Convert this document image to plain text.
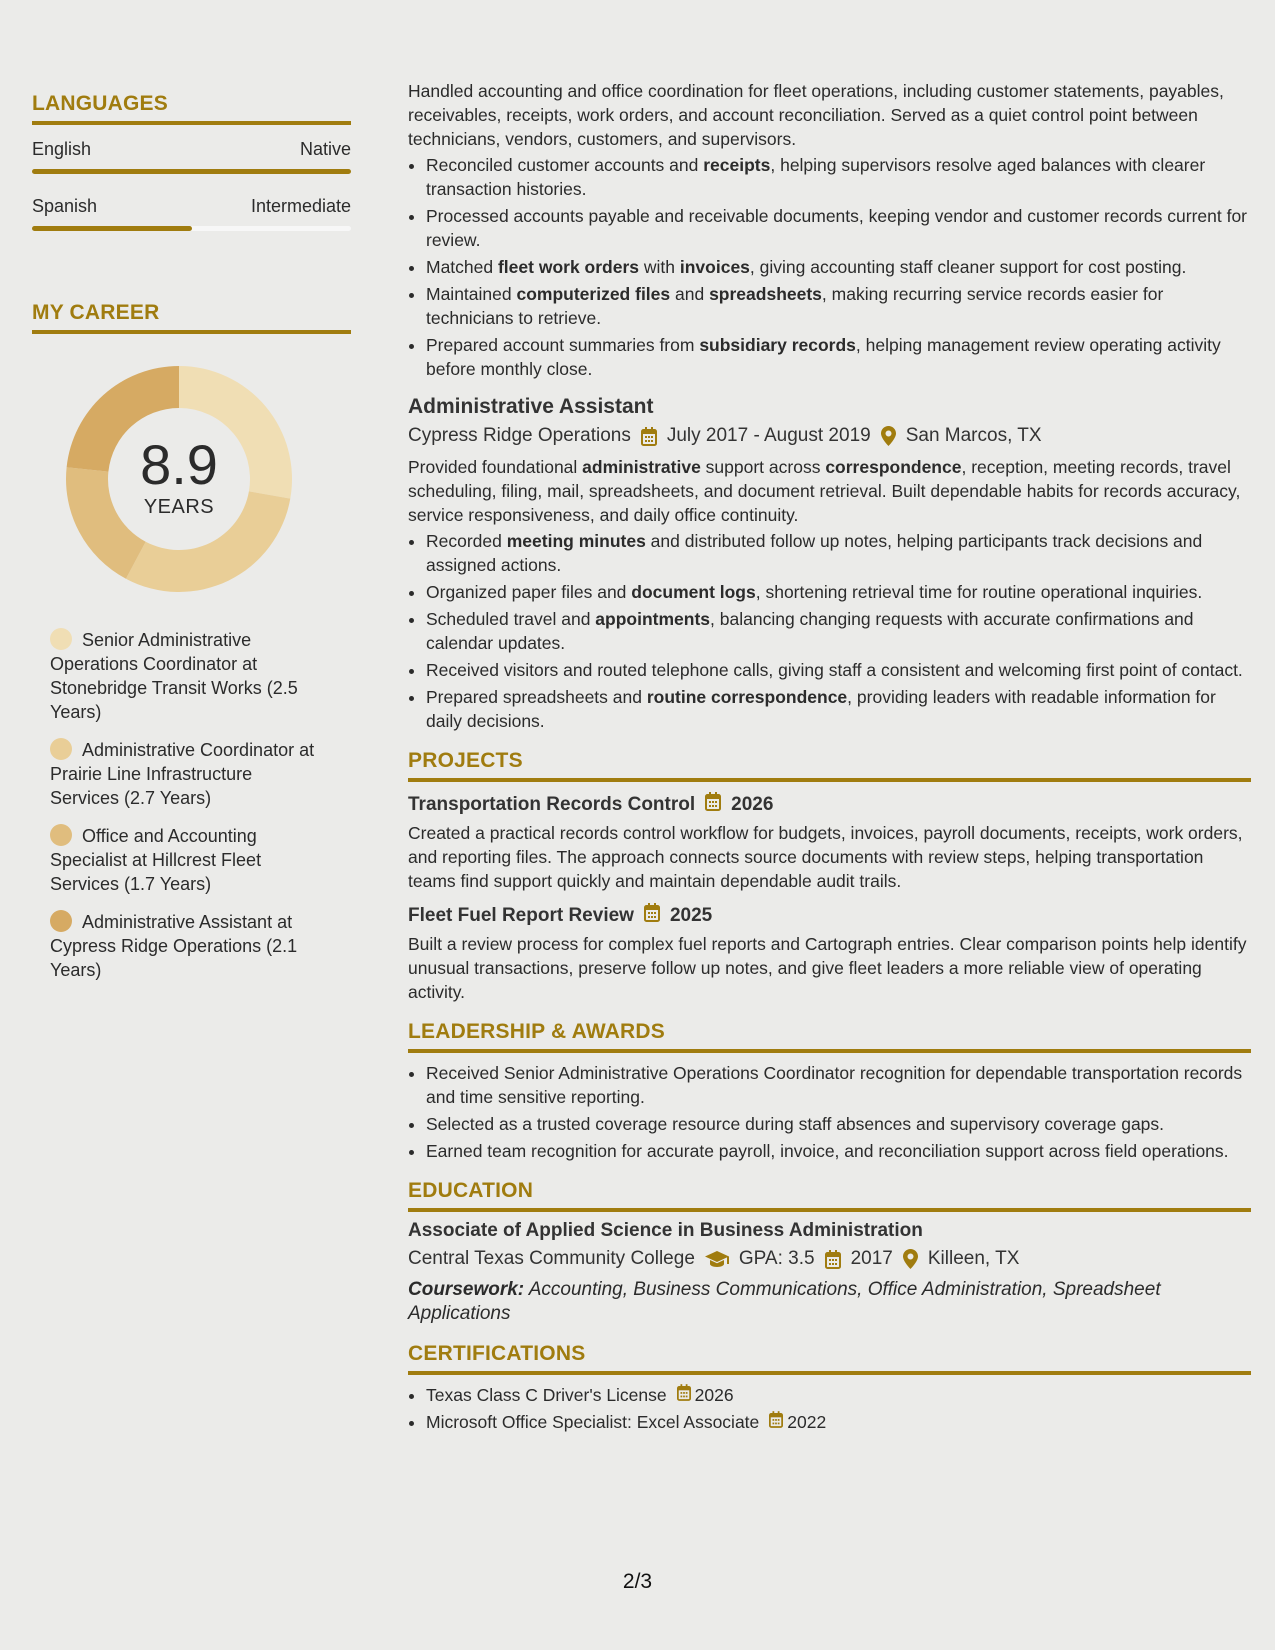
LANGUAGES
English	Native
Spanish	Intermediate
MY CAREER
8.9
YEARS
Senior Administrative Operations Coordinator at Stonebridge Transit Works (2.5 Years)
Administrative Coordinator at Prairie Line Infrastructure Services (2.7 Years)
Office and Accounting Specialist at Hillcrest Fleet Services (1.7 Years)
Administrative Assistant at Cypress Ridge Operations (2.1 Years)
Handled accounting and office coordination for fleet operations, including customer statements, payables, receivables, receipts, work orders, and account reconciliation. Served as a quiet control point between technicians, vendors, customers, and supervisors.
• Reconciled customer accounts and receipts, helping supervisors resolve aged balances with clearer transaction histories.
• Processed accounts payable and receivable documents, keeping vendor and customer records current for review.
• Matched fleet work orders with invoices, giving accounting staff cleaner support for cost posting.
• Maintained computerized files and spreadsheets, making recurring service records easier for technicians to retrieve.
• Prepared account summaries from subsidiary records, helping management review operating activity before monthly close.
Administrative Assistant
Cypress Ridge Operations July 2017 - August 2019 San Marcos, TX
Provided foundational administrative support across correspondence, reception, meeting records, travel scheduling, filing, mail, spreadsheets, and document retrieval. Built dependable habits for records accuracy, service responsiveness, and daily office continuity.
• Recorded meeting minutes and distributed follow up notes, helping participants track decisions and assigned actions.
• Organized paper files and document logs, shortening retrieval time for routine operational inquiries.
• Scheduled travel and appointments, balancing changing requests with accurate confirmations and calendar updates.
• Received visitors and routed telephone calls, giving staff a consistent and welcoming first point of contact.
• Prepared spreadsheets and routine correspondence, providing leaders with readable information for daily decisions.
PROJECTS
Transportation Records Control 2026
Created a practical records control workflow for budgets, invoices, payroll documents, receipts, work orders, and reporting files. The approach connects source documents with review steps, helping transportation teams find support quickly and maintain dependable audit trails.
Fleet Fuel Report Review 2025
Built a review process for complex fuel reports and Cartograph entries. Clear comparison points help identify unusual transactions, preserve follow up notes, and give fleet leaders a more reliable view of operating activity.
LEADERSHIP & AWARDS
• Received Senior Administrative Operations Coordinator recognition for dependable transportation records and time sensitive reporting.
• Selected as a trusted coverage resource during staff absences and supervisory coverage gaps.
• Earned team recognition for accurate payroll, invoice, and reconciliation support across field operations.
EDUCATION
Associate of Applied Science in Business Administration
Central Texas Community College GPA: 3.5 2017 Killeen, TX
Coursework: Accounting, Business Communications, Office Administration, Spreadsheet Applications
CERTIFICATIONS
• Texas Class C Driver's License 2026
• Microsoft Office Specialist: Excel Associate 2022
2/3
